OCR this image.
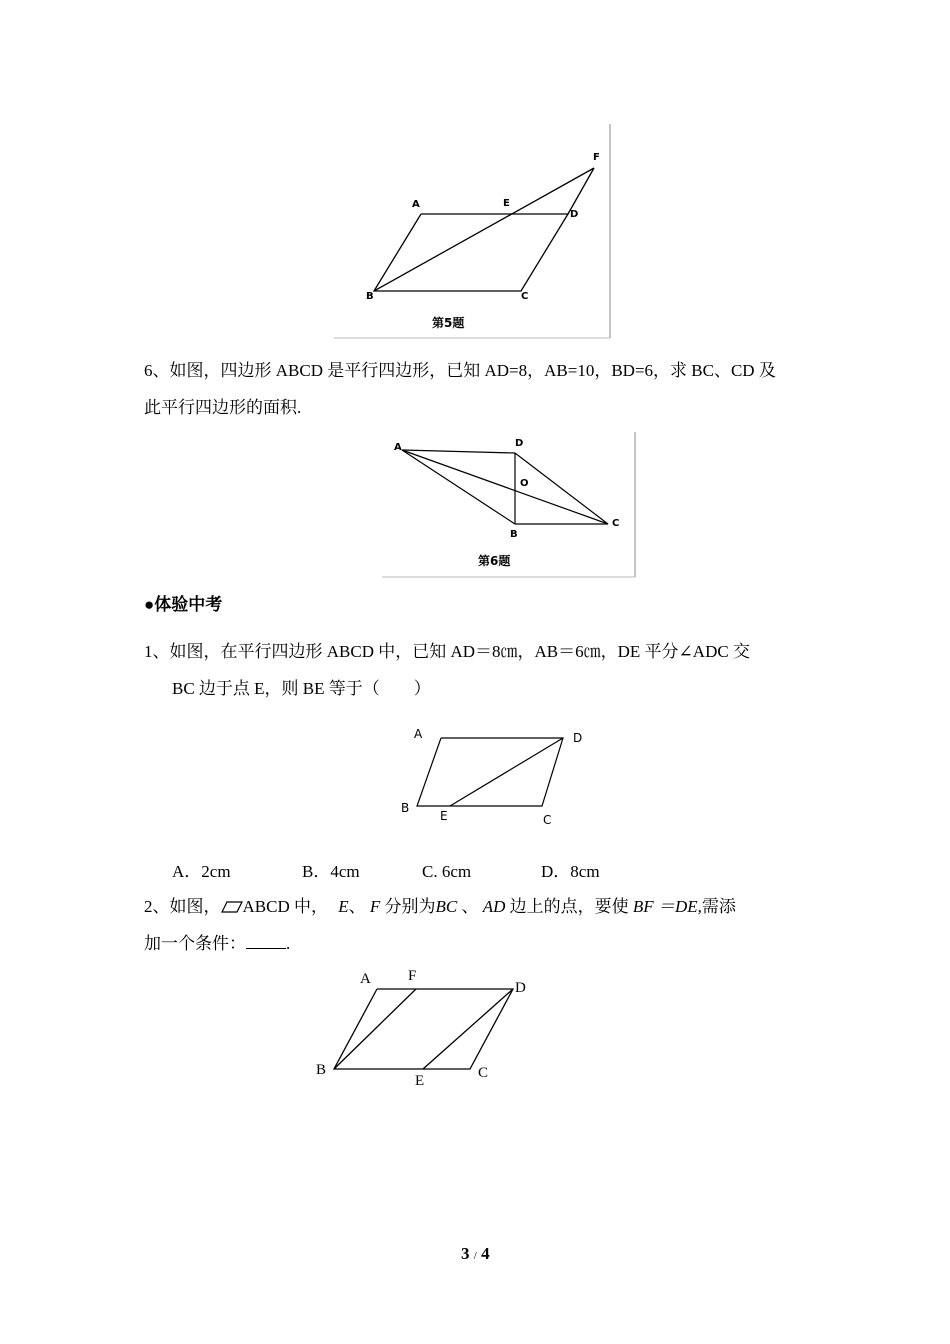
A	E
D
F
B	C
第5题
6、如图，四边形 ABCD 是平行四边形，已知 AD=8，AB=10，BD=6，求 BC、CD 及
此平行四边形的面积.
A	D
O
C
B
第6题
●体验中考
1、如图，在平行四边形 ABCD 中，已知 AD＝8㎝，AB＝6㎝，DE 平分∠ADC 交
BC 边于点 E，则 BE 等于（　　）
A	D
B
E	C
A．2cm	B．4cm	C. 6cm	D．8cm
2、如图， ABCD 中， E、 F 分别为BC 、 AD 边上的点，要使 BF ＝DE,需添
加一个条件： .
A F
D
B
E	C
3 / 4
